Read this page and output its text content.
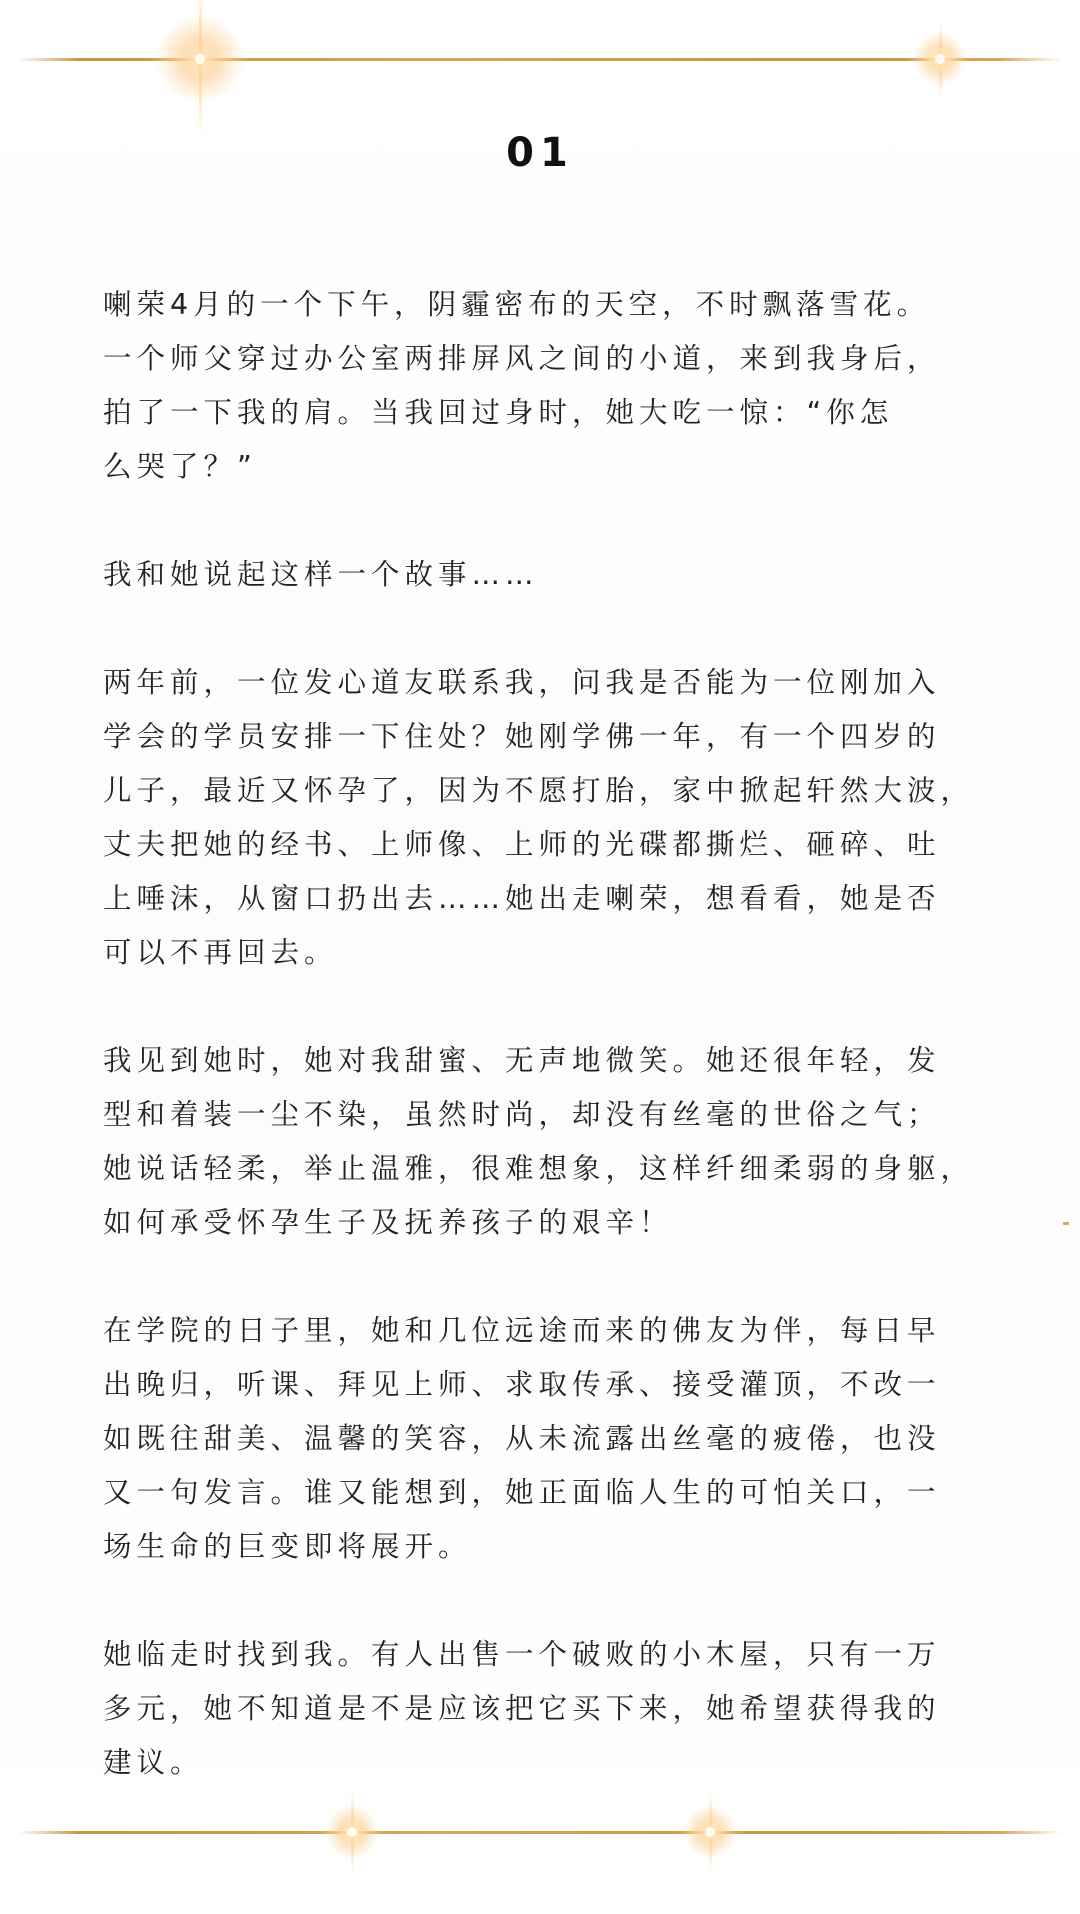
01

喇荣4月的一个下午，阴霾密布的天空，不时飘落雪花。
一个师父穿过办公室两排屏风之间的小道，来到我身后，
拍了一下我的肩。当我回过身时，她大吃一惊：“你怎
么哭了？”

我和她说起这样一个故事……

两年前，一位发心道友联系我，问我是否能为一位刚加入
学会的学员安排一下住处？她刚学佛一年，有一个四岁的
儿子，最近又怀孕了，因为不愿打胎，家中掀起轩然大波，
丈夫把她的经书、上师像、上师的光碟都撕烂、砸碎、吐
上唾沫，从窗口扔出去……她出走喇荣，想看看，她是否
可以不再回去。

我见到她时，她对我甜蜜、无声地微笑。她还很年轻，发
型和着装一尘不染，虽然时尚，却没有丝毫的世俗之气；
她说话轻柔，举止温雅，很难想象，这样纤细柔弱的身躯，
如何承受怀孕生子及抚养孩子的艰辛！

在学院的日子里，她和几位远途而来的佛友为伴，每日早
出晚归，听课、拜见上师、求取传承、接受灌顶，不改一
如既往甜美、温馨的笑容，从未流露出丝毫的疲倦，也没
又一句发言。谁又能想到，她正面临人生的可怕关口，一
场生命的巨变即将展开。

她临走时找到我。有人出售一个破败的小木屋，只有一万
多元，她不知道是不是应该把它买下来，她希望获得我的
建议。
